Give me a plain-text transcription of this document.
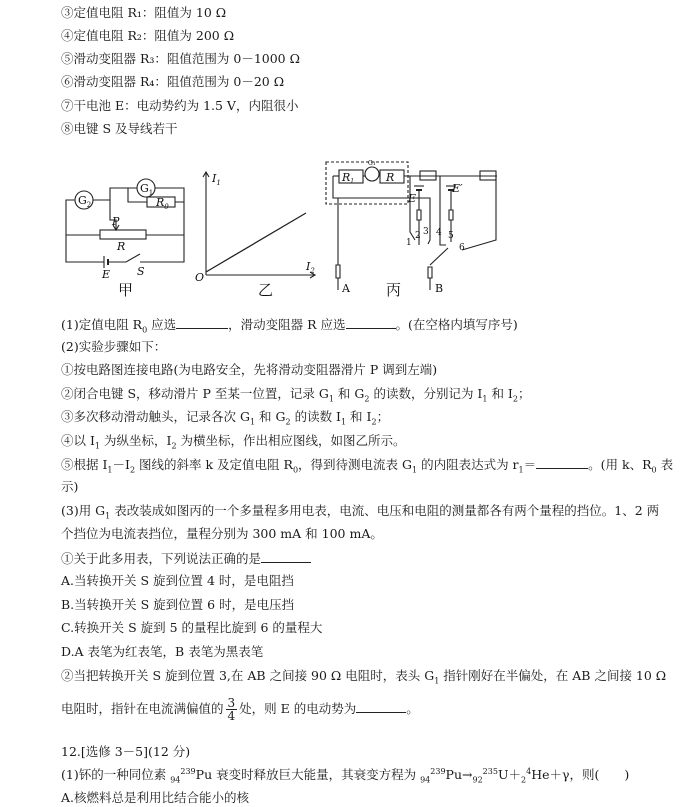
③定值电阻 R₁：阻值为 10 Ω
④定值电阻 R₂：阻值为 200 Ω
⑤滑动变阻器 R₃：阻值范围为 0－1000 Ω
⑥滑动变阻器 R₄：阻值范围为 0－20 Ω
⑦干电池 E：电动势约为 1.5 V，内阻很小
⑧电键 S 及导线若干
$G_2$
$G_1$
$R_0$
P
R
E S
甲
$I_1$
$I_2$
O
乙
R1	R
G1
E
E′
1
2 3 4 5
6
A	B
丙
(1)定值电阻 $R_0$ 应选	，滑动变阻器 R 应选	。(在空格内填写序号)
(2)实验步骤如下：
①按电路图连接电路(为电路安全，先将滑动变阻器滑片 P 调到左端)
②闭合电键 S，移动滑片 P 至某一位置，记录 $G_1$ 和 $G_2$ 的读数，分别记为 $I_1$ 和 $I_2$；
③多次移动滑动触头，记录各次 $G_1$ 和 $G_2$ 的读数 $I_1$ 和 $I_2$；
④以 $I_1$ 为纵坐标，$I_2$ 为横坐标，作出相应图线，如图乙所示。
⑤根据 $I_1-I_2$ 图线的斜率 k 及定值电阻 $R_0$，得到待测电流表 $G_1$ 的内阻表达式为 $r_1=$	。(用 k、$R_0$ 表
示)
(3)用 $G_1$ 表改装成如图丙的一个多量程多用电表，电流、电压和电阻的测量都各有两个量程的挡位。1、2 两
个挡位为电流表挡位，量程分别为 300 mA 和 100 mA。
①关于此多用表，下列说法正确的是
A.当转换开关 S 旋到位置 4 时，是电阻挡
B.当转换开关 S 旋到位置 6 时，是电压挡
C.转换开关 S 旋到 5 的量程比旋到 6 的量程大
D.A 表笔为红表笔，B 表笔为黑表笔
②当把转换开关 S 旋到位置 3,在 AB 之间接 90 Ω 电阻时，表头 $G_1$ 指针刚好在半偏处，在 AB 之间接 10 Ω
电阻时，指针在电流满偏值的 $\frac{3}{4}$ 处，则 E 的电动势为	。
12.[选修 3－5](12 分)
(1)钚的一种同位素 $_{94}^{239}$Pu 衰变时释放巨大能量，其衰变方程为 $_{94}^{239}Pu\to_{92}^{235}U+_2^4He+\gamma$，则(　　)
A.核燃料总是利用比结合能小的核
